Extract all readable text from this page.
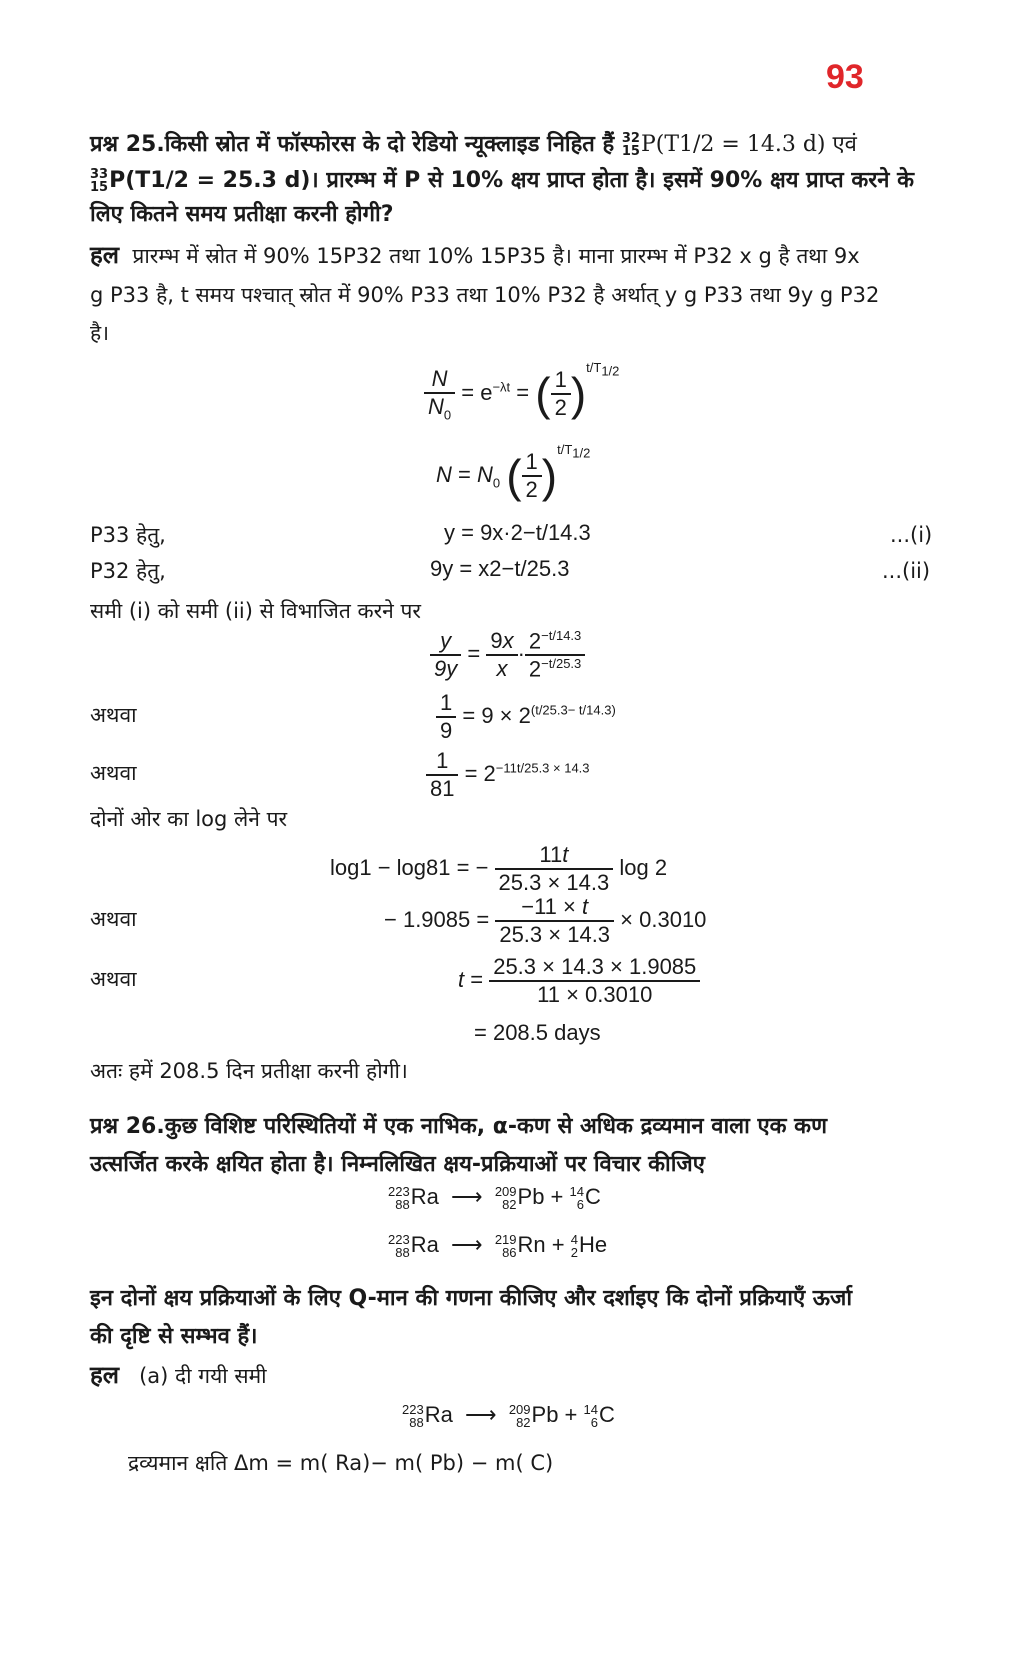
93
प्रश्न 25.किसी स्रोत में फॉस्फोरस के दो रेडियो न्यूक्लाइड निहित हैं 32
15 P(T1/2 = 14.3 d) एवं
33
15 P(T1/2 = 25.3 d)। प्रारम्भ में P से 10% क्षय प्राप्त होता है। इसमें 90% क्षय प्राप्त करने के
लिए कितने समय प्रतीक्षा करनी होगी?
हल प्रारम्भ में स्रोत में 90% 15P32 तथा 10% 15P35 है। माना प्रारम्भ में P32 x g है तथा 9x
g P33 है, t समय पश्चात् स्रोत में 90% P33 तथा 10% P32 है अर्थात् y g P33 तथा 9y g P32
है।
$\frac{N}{N_0} = e^{-\lambda t}$ = ( $\frac{1}{2} )^{t/T_{1/2}}$
$N = N_0$ ( $\frac{1}{2} )^{t/T_{1/2}}$
P33 हेतु,	y = 9x·2−t/14.3	...(i)
P32 हेतु,	9y = x2−t/25.3	...(ii)
समी (i) को समी (ii) से विभाजित करने पर
$\frac{y}{9y} = \frac{9x}{x} \cdot \frac{2^{-t/14.3}}{2^{-t/25.3}}$
अथवा	$\frac{1}{9} = 9 \times 2^{(t/25.3- t/14.3)}$
अथवा	$\frac{1}{81} = 2^{-11t/25.3 \times 14.3}$
दोनों ओर का log लेने पर
log1 − log81 = − $\frac{11t}{25.3 \times 14.3}$ log 2
अथवा	− $1.9085 = \frac{-11 \times t}{25.3 \times 14.3} \times 0.3010$
अथवा	$t = \frac{25.3 \times 14.3 \times 1.9085}{11 \times 0.3010}$
= 208.5 days
अतः हमें 208.5 दिन प्रतीक्षा करनी होगी।
प्रश्न 26.कुछ विशिष्ट परिस्थितियों में एक नाभिक, α-कण से अधिक द्रव्यमान वाला एक कण
उत्सर्जित करके क्षयित होता है। निम्नलिखित क्षय-प्रक्रियाओं पर विचार कीजिए
223
88 Ra  ⟶ 209
82 Pb + 14
6 C
223
88 Ra  ⟶ 219
86 Rn + 4
2 He
इन दोनों क्षय प्रक्रियाओं के लिए Q-मान की गणना कीजिए और दर्शाइए कि दोनों प्रक्रियाएँ ऊर्जा
की दृष्टि से सम्भव हैं।
हल (a) दी गयी समी
223
88 Ra  ⟶ 209
82 Pb + 14
6 C
द्रव्यमान क्षति Δm = m( Ra)− m( Pb) − m( C)
